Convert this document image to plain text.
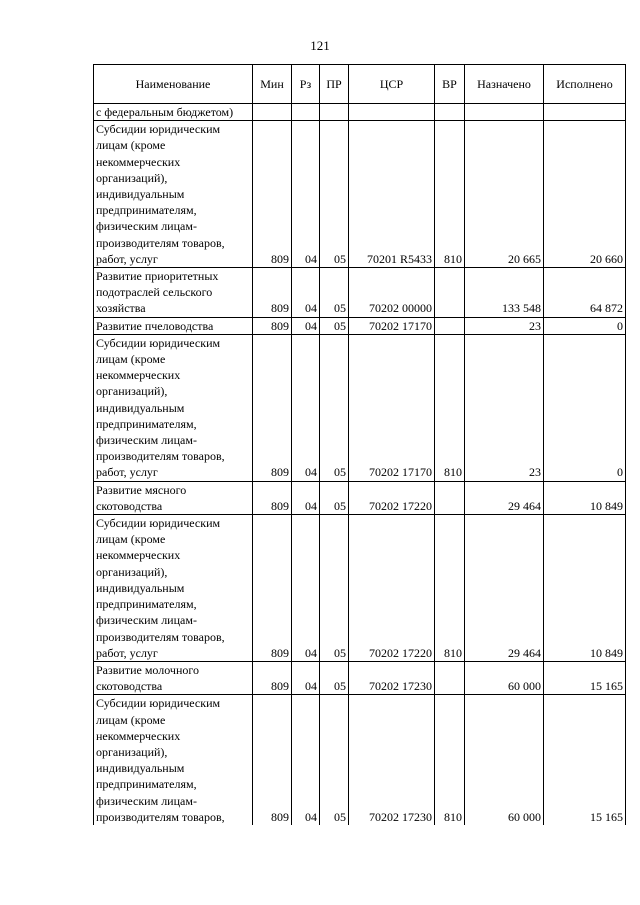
121
Наименование	Мин	Рз	ПР	ЦСР	ВР	Назначено	Исполнено
с федеральным бюджетом)							
Субсидии юридическим лицам (кроме некоммерческих организаций), индивидуальным предпринимателям, физическим лицам-производителям товаров, работ, услуг	809	04	05	70201 R5433	810	20 665	20 660
Развитие приоритетных подотраслей сельского хозяйства	809	04	05	70202 00000		133 548	64 872
Развитие пчеловодства	809	04	05	70202 17170		23	0
Субсидии юридическим лицам (кроме некоммерческих организаций), индивидуальным предпринимателям, физическим лицам-производителям товаров, работ, услуг	809	04	05	70202 17170	810	23	0
Развитие мясного скотоводства	809	04	05	70202 17220		29 464	10 849
Субсидии юридическим лицам (кроме некоммерческих организаций), индивидуальным предпринимателям, физическим лицам-производителям товаров, работ, услуг	809	04	05	70202 17220	810	29 464	10 849
Развитие молочного скотоводства	809	04	05	70202 17230		60 000	15 165
Субсидии юридическим лицам (кроме некоммерческих организаций), индивидуальным предпринимателям, физическим лицам-производителям товаров,	809	04	05	70202 17230	810	60 000	15 165
